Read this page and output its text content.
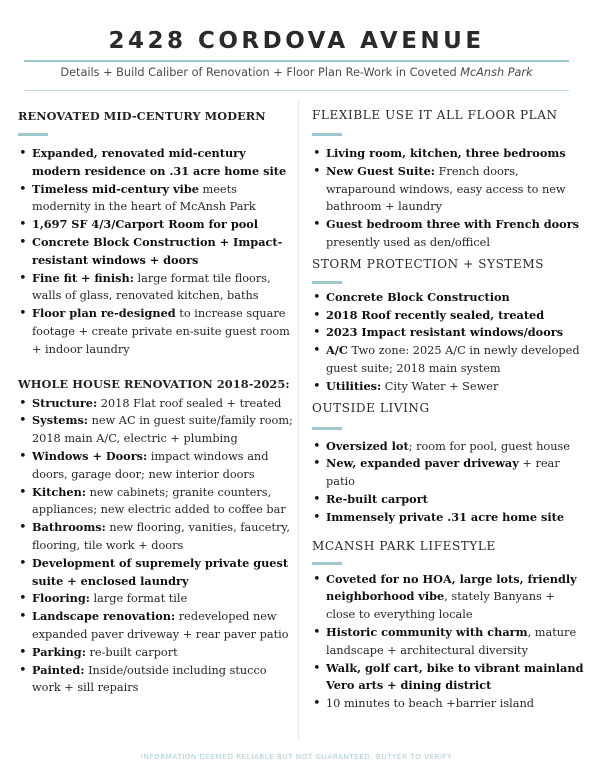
2428 CORDOVA AVENUE
Details + Build Caliber of Renovation + Floor Plan Re-Work in Coveted McAnsh Park
RENOVATED MID-CENTURY MODERN
• Expanded, renovated mid-century modern residence on .31 acre home site
• Timeless mid-century vibe meets modernity in the heart of McAnsh Park
• 1,697 SF 4/3/Carport Room for pool
• Concrete Block Construction + Impact-resistant windows + doors
• Fine fit + finish: large format tile floors, walls of glass, renovated kitchen, baths
• Floor plan re-designed to increase square footage + create private en-suite guest room + indoor laundry
WHOLE HOUSE RENOVATION 2018-2025:
• Structure: 2018 Flat roof sealed + treated
• Systems: new AC in guest suite/family room; 2018 main A/C, electric + plumbing
• Windows + Doors: impact windows and doors, garage door; new interior doors
• Kitchen: new cabinets; granite counters, appliances; new electric added to coffee bar
• Bathrooms: new flooring, vanities, faucetry, flooring, tile work + doors
• Development of supremely private guest suite + enclosed laundry
• Flooring: large format tile
• Landscape renovation: redeveloped new expanded paver driveway + rear paver patio
• Parking: re-built carport
• Painted: Inside/outside including stucco work + sill repairs
FLEXIBLE USE IT ALL FLOOR PLAN
• Living room, kitchen, three bedrooms
• New Guest Suite: French doors, wraparound windows, easy access to new bathroom + laundry
• Guest bedroom three with French doors presently used as den/officel
STORM PROTECTION + SYSTEMS
• Concrete Block Construction
• 2018 Roof recently sealed, treated
• 2023 Impact resistant windows/doors
• A/C Two zone: 2025 A/C in newly developed guest suite; 2018 main system
• Utilities: City Water + Sewer
OUTSIDE LIVING
• Oversized lot; room for pool, guest house
• New, expanded paver driveway + rear patio
• Re-built carport
• Immensely private .31 acre home site
MCANSH PARK LIFESTYLE
• Coveted for no HOA, large lots, friendly neighborhood vibe, stately Banyans + close to everything locale
• Historic community with charm, mature landscape + architectural diversity
• Walk, golf cart, bike to vibrant mainland Vero arts + dining district
• 10 minutes to beach +barrier island
INFORMATION DEEMED RELIABLE BUT NOT GUARANTEED. BUTYER TO VERIFY
